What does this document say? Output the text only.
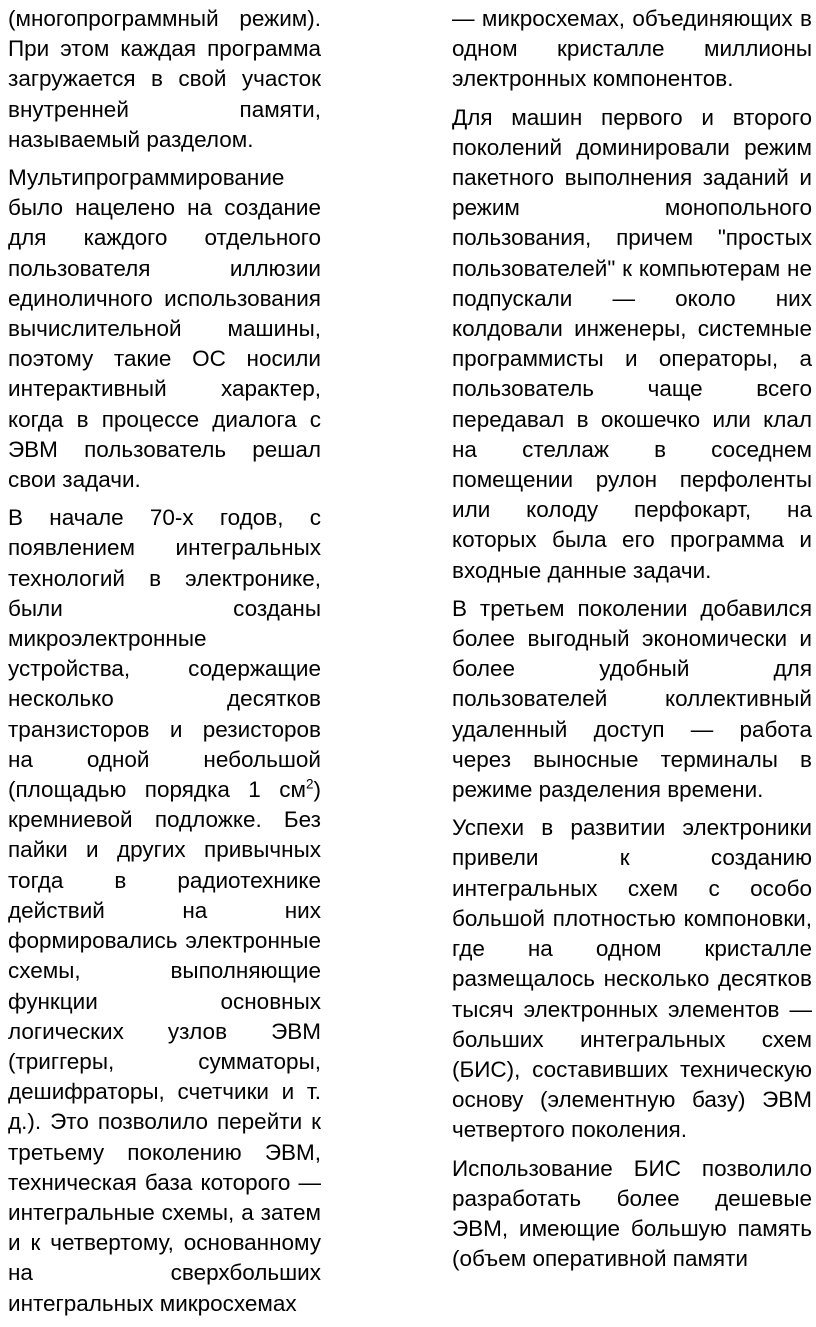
(многопрограммный режим). При этом каждая программа загружается в свой участок внутренней памяти, называемый разделом.

Мультипрограммирование было нацелено на создание для каждого отдельного пользователя иллюзии единоличного использования вычислительной машины, поэтому такие ОС носили интерактивный характер, когда в процессе диалога с ЭВМ пользователь решал свои задачи.

В начале 70-х годов, с появлением интегральных технологий в электронике, были созданы микроэлектронные устройства, содержащие несколько десятков транзисторов и резисторов на одной небольшой (площадью порядка 1 $см^2$) кремниевой подложке. Без пайки и других привычных тогда в радиотехнике действий на них формировались электронные схемы, выполняющие функции основных логических узлов ЭВМ (триггеры, сумматоры, дешифраторы, счетчики и т. д.). Это позволило перейти к третьему поколению ЭВМ, техническая база которого — интегральные схемы, а затем и к четвертому, основанному на сверхбольших интегральных микросхемах

— микросхемах, объединяющих в одном кристалле миллионы электронных компонентов.

Для машин первого и второго поколений доминировали режим пакетного выполнения заданий и режим монопольного пользования, причем "простых пользователей" к компьютерам не подпускали — около них колдовали инженеры, системные программисты и операторы, а пользователь чаще всего передавал в окошечко или клал на стеллаж в соседнем помещении рулон перфоленты или колоду перфокарт, на которых была его программа и входные данные задачи.

В третьем поколении добавился более выгодный экономически и более удобный для пользователей коллективный удаленный доступ — работа через выносные терминалы в режиме разделения времени.

Успехи в развитии электроники привели к созданию интегральных схем с особо большой плотностью компоновки, где на одном кристалле размещалось несколько десятков тысяч электронных элементов — больших интегральных схем (БИС), составивших техническую основу (элементную базу) ЭВМ четвертого поколения.

Использование БИС позволило разработать более дешевые ЭВМ, имеющие большую память (объем оперативной памяти
